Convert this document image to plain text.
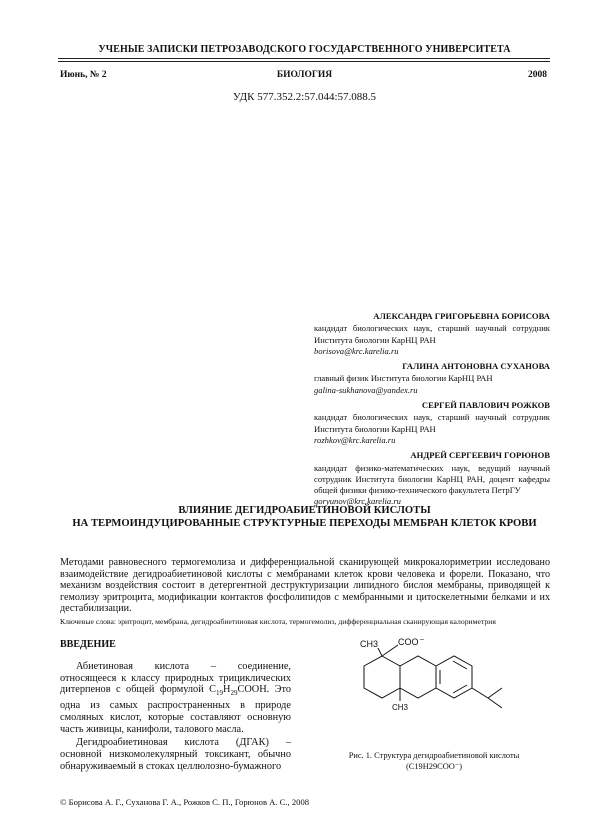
УЧЕНЫЕ ЗАПИСКИ ПЕТРОЗАВОДСКОГО ГОСУДАРСТВЕННОГО УНИВЕРСИТЕТА
Июнь, № 2	БИОЛОГИЯ	2008
УДК 577.352.2:57.044:57.088.5
АЛЕКСАНДРА ГРИГОРЬЕВНА БОРИСОВА
кандидат биологических наук, старший научный сотрудник Института биологии КарНЦ РАН
borisova@krc.karelia.ru
ГАЛИНА АНТОНОВНА СУХАНОВА
главный физик Института биологии КарНЦ РАН
galina-sukhanova@yandex.ru
СЕРГЕЙ ПАВЛОВИЧ РОЖКОВ
кандидат биологических наук, старший научный сотрудник Института биологии КарНЦ РАН
rozhkov@krc.karelia.ru
АНДРЕЙ СЕРГЕЕВИЧ ГОРЮНОВ
кандидат физико-математических наук, ведущий научный сотрудник Института биологии КарНЦ РАН, доцент кафедры общей физики физико-технического факультета ПетрГУ
goryunov@krc.karelia.ru
ВЛИЯНИЕ ДЕГИДРОАБИЕТИНОВОЙ КИСЛОТЫ
НА ТЕРМОИНДУЦИРОВАННЫЕ СТРУКТУРНЫЕ ПЕРЕХОДЫ МЕМБРАН КЛЕТОК КРОВИ
Методами равновесного термогемолиза и дифференциальной сканирующей микрокалориметрии исследовано взаимодействие дегидроабиетиновой кислоты с мембранами клеток крови человека и форели. Показано, что механизм воздействия состоит в детергентной деструктуризации липидного бислоя мембраны, приводящей к гемолизу эритроцита, модификации контактов фосфолипидов с мембранными и цитоскелетными белками и их дестабилизации.
Ключевые слова: эритроцит, мембрана, дегидроабиетиновая кислота, термогемолиз, дифференциальная сканирующая калориметрия
ВВЕДЕНИЕ

Абиетиновая кислота – соединение, относящееся к классу природных трициклических дитерпенов с общей формулой $C_{19}H_{29}COOH$. Это одна из самых распространенных в природе смоляных кислот, которые составляют основную часть живицы, канифоли, талового масла.

Дегидроабиетиновая кислота (ДГАК) – основной низкомолекулярный токсикант, обычно обнаруживаемый в стоках целлюлозно-бумажного

CH3 COO –
CH3
Рис. 1. Структура дегидроабиетиновой кислоты
(C19H29COO⁻)
© Борисова А. Г., Суханова Г. А., Рожков С. П., Горюнов А. С., 2008
